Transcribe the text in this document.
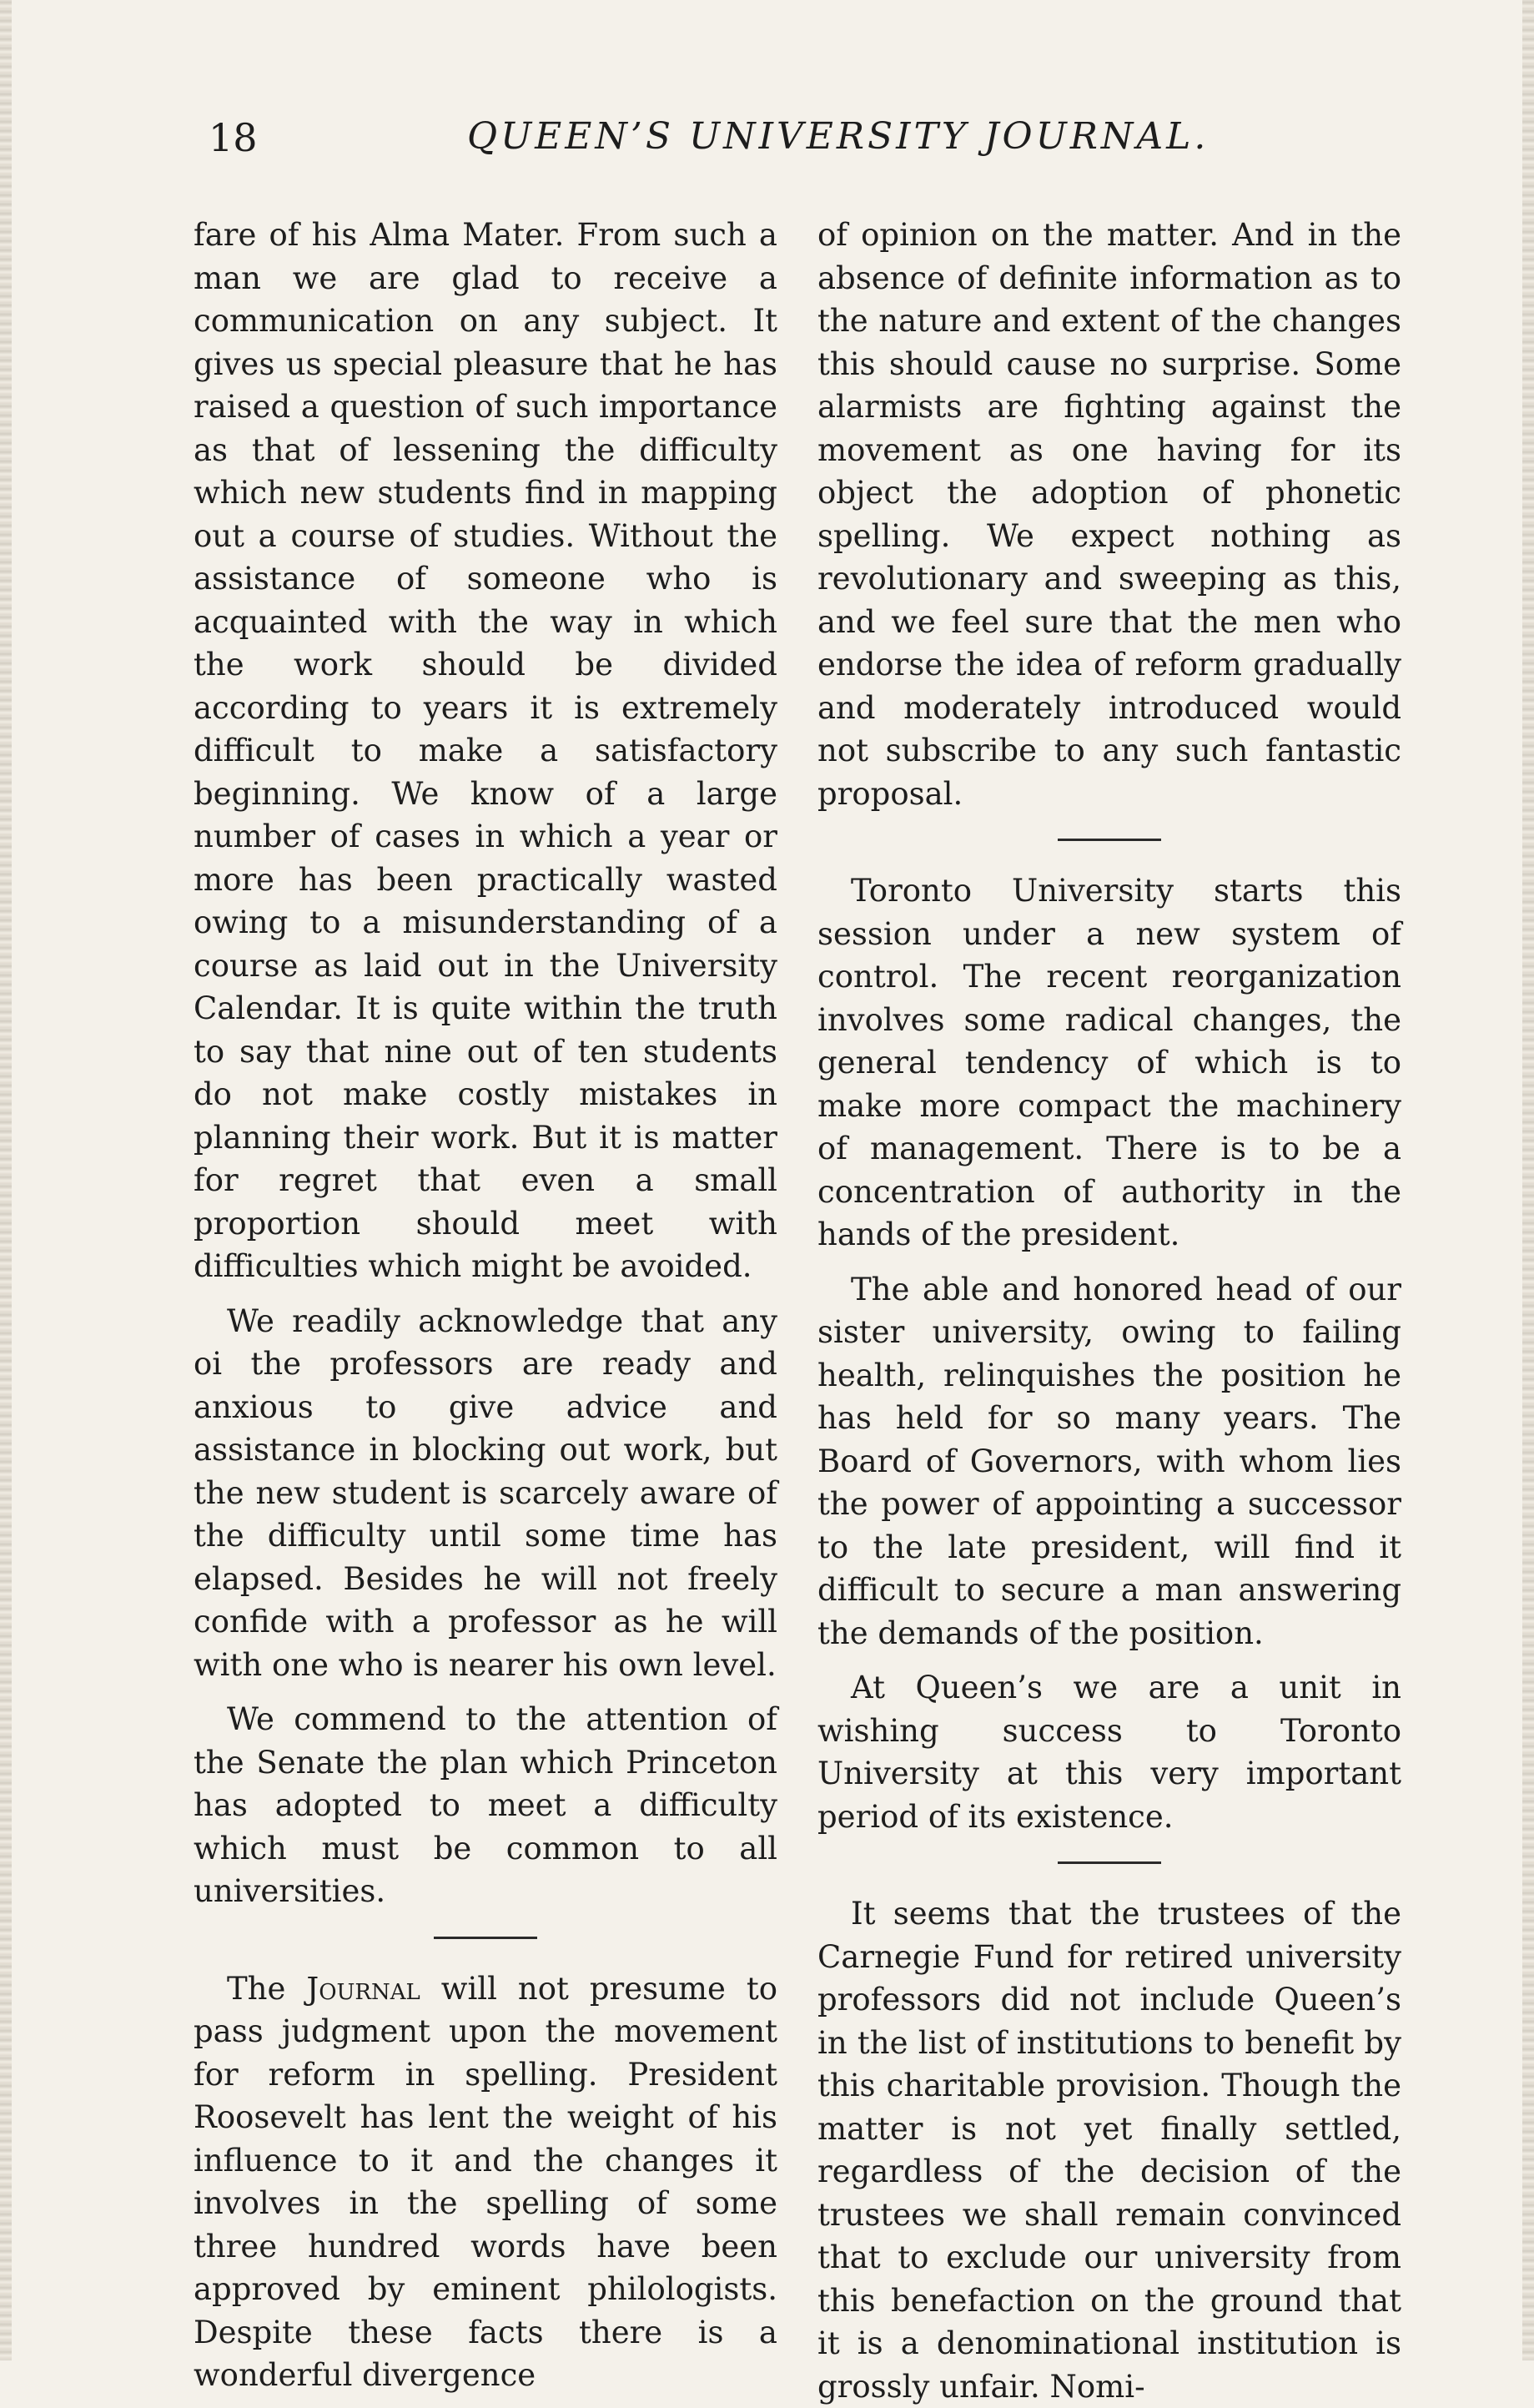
18	QUEEN’S UNIVERSITY JOURNAL.

fare of his Alma Mater. From such a man we are glad to receive a communication on any subject. It gives us special pleasure that he has raised a question of such importance as that of lessening the difficulty which new students find in mapping out a course of studies. Without the assistance of someone who is acquainted with the way in which the work should be divided according to years it is extremely difficult to make a satisfactory beginning. We know of a large number of cases in which a year or more has been practically wasted owing to a misunderstanding of a course as laid out in the University Calendar. It is quite within the truth to say that nine out of ten students do not make costly mistakes in planning their work. But it is matter for regret that even a small proportion should meet with difficulties which might be avoided.

We readily acknowledge that any oi the professors are ready and anxious to give advice and assistance in blocking out work, but the new student is scarcely aware of the difficulty until some time has elapsed. Besides he will not freely confide with a professor as he will with one who is nearer his own level.

We commend to the attention of the Senate the plan which Princeton has adopted to meet a difficulty which must be common to all universities.

The Journal will not presume to pass judgment upon the movement for reform in spelling. President Roosevelt has lent the weight of his influence to it and the changes it involves in the spelling of some three hundred words have been approved by eminent philologists. Despite these facts there is a wonderful divergence

of opinion on the matter. And in the absence of definite information as to the nature and extent of the changes this should cause no surprise. Some alarmists are fighting against the movement as one having for its object the adoption of phonetic spelling. We expect nothing as revolutionary and sweeping as this, and we feel sure that the men who endorse the idea of reform gradually and moderately introduced would not subscribe to any such fantastic proposal.

Toronto University starts this session under a new system of control. The recent reorganization involves some radical changes, the general tendency of which is to make more compact the machinery of management. There is to be a concentration of authority in the hands of the president.

The able and honored head of our sister university, owing to failing health, relinquishes the position he has held for so many years. The Board of Governors, with whom lies the power of appointing a successor to the late president, will find it difficult to secure a man answering the demands of the position.

At Queen’s we are a unit in wishing success to Toronto University at this very important period of its existence.

It seems that the trustees of the Carnegie Fund for retired university professors did not include Queen’s in the list of institutions to benefit by this charitable provision. Though the matter is not yet finally settled, regardless of the decision of the trustees we shall remain convinced that to exclude our university from this benefaction on the ground that it is a denominational institution is grossly unfair. Nomi-
